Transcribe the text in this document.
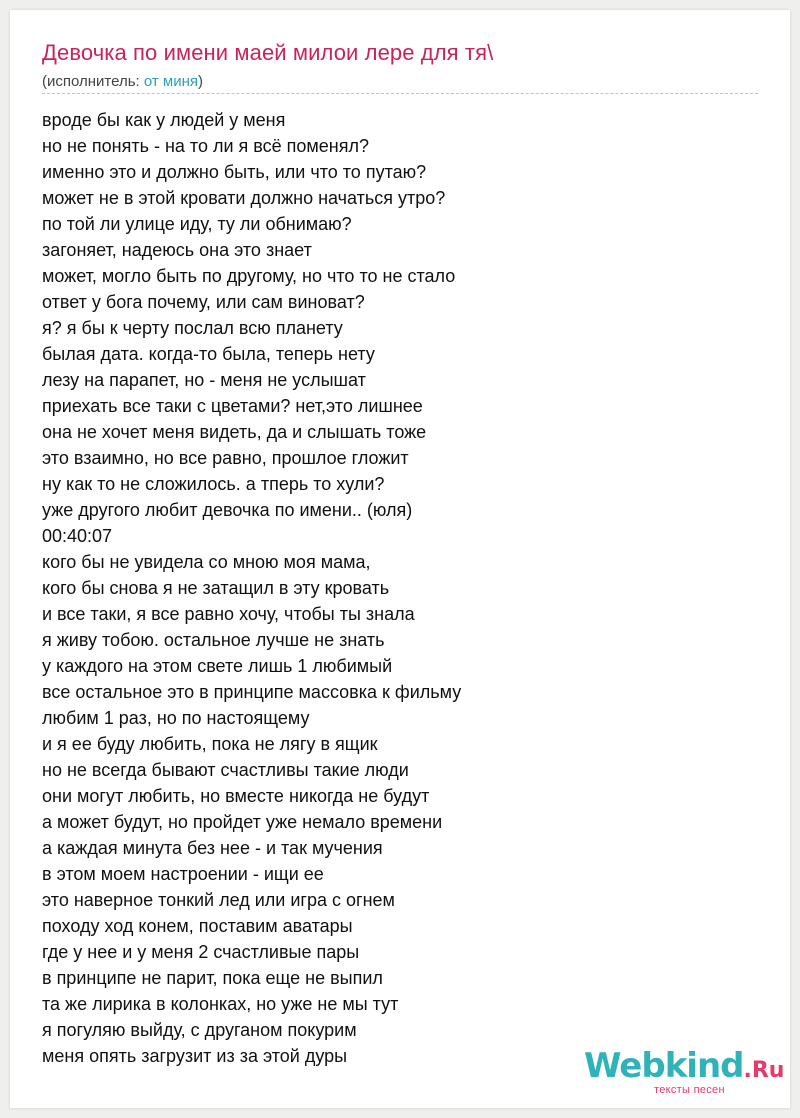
Девочка по имени маей милои лере для тя\
(исполнитель: от миня)
вроде бы как у людей у меня
но не понять - на то ли я всё поменял?
именно это и должно быть, или что то путаю?
может не в этой кровати должно начаться утро?
по той ли улице иду, ту ли обнимаю?
загоняет, надеюсь она это знает
может, могло быть по другому, но что то не стало
ответ у бога почему, или сам виноват?
я? я бы к черту послал всю планету
былая дата. когда-то была, теперь нету
лезу на парапет, но - меня не услышат
приехать все таки с цветами? нет,это лишнее
она не хочет меня видеть, да и слышать тоже
это взаимно, но все равно, прошлое гложит
ну как то не сложилось. а тперь то хули?
уже другого любит девочка по имени.. (юля)
00:40:07
кого бы не увидела со мною моя мама,
кого бы снова я не затащил в эту кровать
и все таки, я все равно хочу, чтобы ты знала
я живу тобою. остальное лучше не знать
у каждого на этом свете лишь 1 любимый
все остальное это в принципе массовка к фильму
любим 1 раз, но по настоящему
и я ее буду любить, пока не лягу в ящик
но не всегда бывают счастливы такие люди
они могут любить, но вместе никогда не будут
а может будут, но пройдет уже немало времени
а каждая минута без нее - и так мучения
в этом моем настроении - ищи ее
это наверное тонкий лед или игра с огнем
походу ход конем, поставим аватары
где у нее и у меня 2 счастливые пары
в принципе не парит, пока еще не выпил
та же лирика в колонках, но уже не мы тут
я погуляю выйду, с друганом покурим
меня опять загрузит из за этой дуры	Webkind.Ru
тексты песен
